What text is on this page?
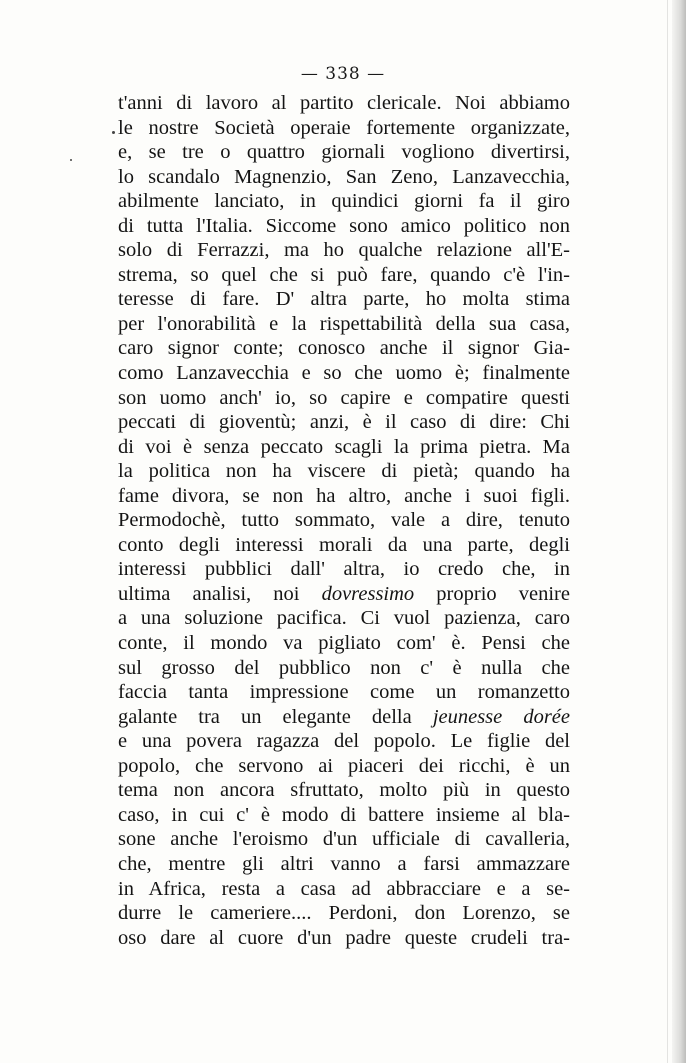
— 338 —
t'anni di lavoro al partito clericale. Noi abbiamo
le nostre Società operaie fortemente organizzate,
e, se tre o quattro giornali vogliono divertirsi,
lo scandalo Magnenzio, San Zeno, Lanzavecchia,
abilmente lanciato, in quindici giorni fa il giro
di tutta l'Italia. Siccome sono amico politico non
solo di Ferrazzi, ma ho qualche relazione all'E-
strema, so quel che si può fare, quando c'è l'in-
teresse di fare. D' altra parte, ho molta stima
per l'onorabilità e la rispettabilità della sua casa,
caro signor conte; conosco anche il signor Gia-
como Lanzavecchia e so che uomo è; finalmente
son uomo anch' io, so capire e compatire questi
peccati di gioventù; anzi, è il caso di dire: Chi
di voi è senza peccato scagli la prima pietra. Ma
la politica non ha viscere di pietà; quando ha
fame divora, se non ha altro, anche i suoi figli.
Permodochè, tutto sommato, vale a dire, tenuto
conto degli interessi morali da una parte, degli
interessi pubblici dall' altra, io credo che, in
ultima analisi, noi dovressimo proprio venire
a una soluzione pacifica. Ci vuol pazienza, caro
conte, il mondo va pigliato com' è. Pensi che
sul grosso del pubblico non c' è nulla che
faccia tanta impressione come un romanzetto
galante tra un elegante della jeunesse dorée
e una povera ragazza del popolo. Le figlie del
popolo, che servono ai piaceri dei ricchi, è un
tema non ancora sfruttato, molto più in questo
caso, in cui c' è modo di battere insieme al bla-
sone anche l'eroismo d'un ufficiale di cavalleria,
che, mentre gli altri vanno a farsi ammazzare
in Africa, resta a casa ad abbracciare e a se-
durre le cameriere.... Perdoni, don Lorenzo, se
oso dare al cuore d'un padre queste crudeli tra-
